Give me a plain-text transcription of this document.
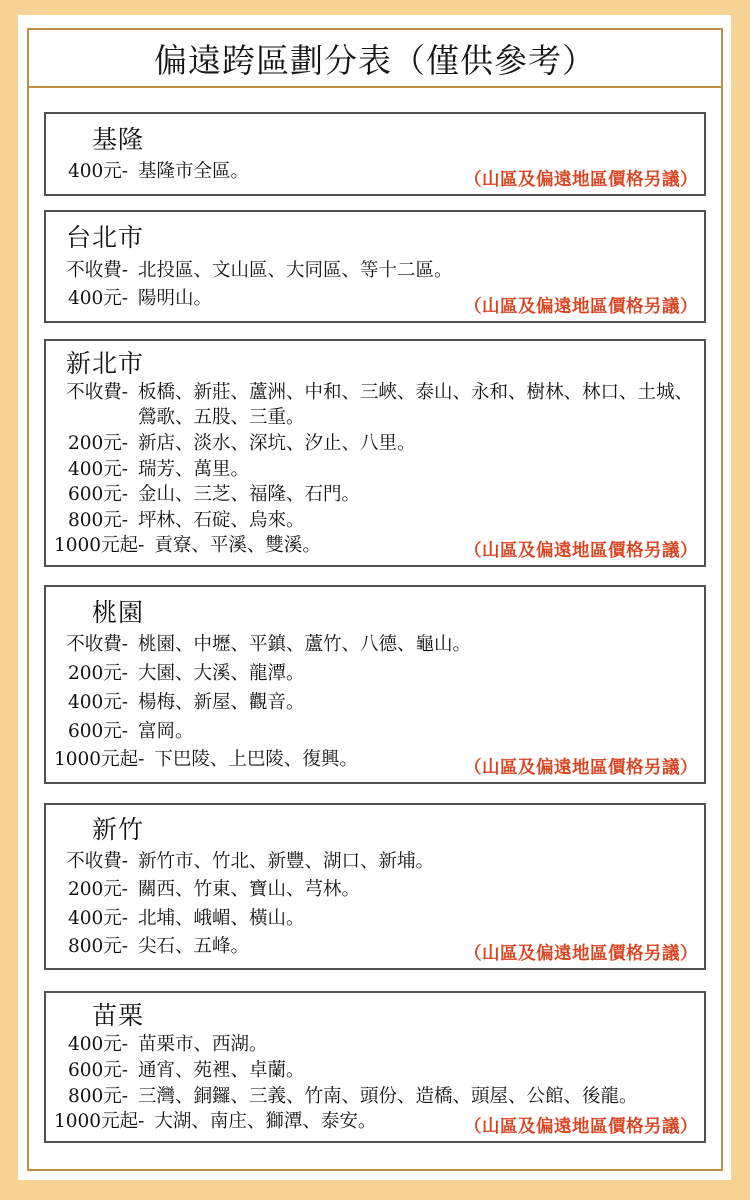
偏遠跨區劃分表（僅供參考）
基隆
400元- 基隆市全區。	（山區及偏遠地區價格另議）
台北市
不收費- 北投區、文山區、大同區、等十二區。
400元- 陽明山。	（山區及偏遠地區價格另議）
新北市
不收費- 板橋、新莊、蘆洲、中和、三峽、泰山、永和、樹林、林口、土城、鶯歌、五股、三重。
200元- 新店、淡水、深坑、汐止、八里。
400元- 瑞芳、萬里。
600元- 金山、三芝、福隆、石門。
800元- 坪林、石碇、烏來。
1000元起- 貢寮、平溪、雙溪。	（山區及偏遠地區價格另議）
桃園
不收費- 桃園、中壢、平鎮、蘆竹、八德、龜山。
200元- 大園、大溪、龍潭。
400元- 楊梅、新屋、觀音。
600元- 富岡。
1000元起- 下巴陵、上巴陵、復興。	（山區及偏遠地區價格另議）
新竹
不收費- 新竹市、竹北、新豐、湖口、新埔。
200元- 關西、竹東、寶山、芎林。
400元- 北埔、峨嵋、橫山。
800元- 尖石、五峰。	（山區及偏遠地區價格另議）
苗栗
400元- 苗栗市、西湖。
600元- 通宵、苑裡、卓蘭。
800元- 三灣、銅鑼、三義、竹南、頭份、造橋、頭屋、公館、後龍。
1000元起- 大湖、南庄、獅潭、泰安。	（山區及偏遠地區價格另議）
